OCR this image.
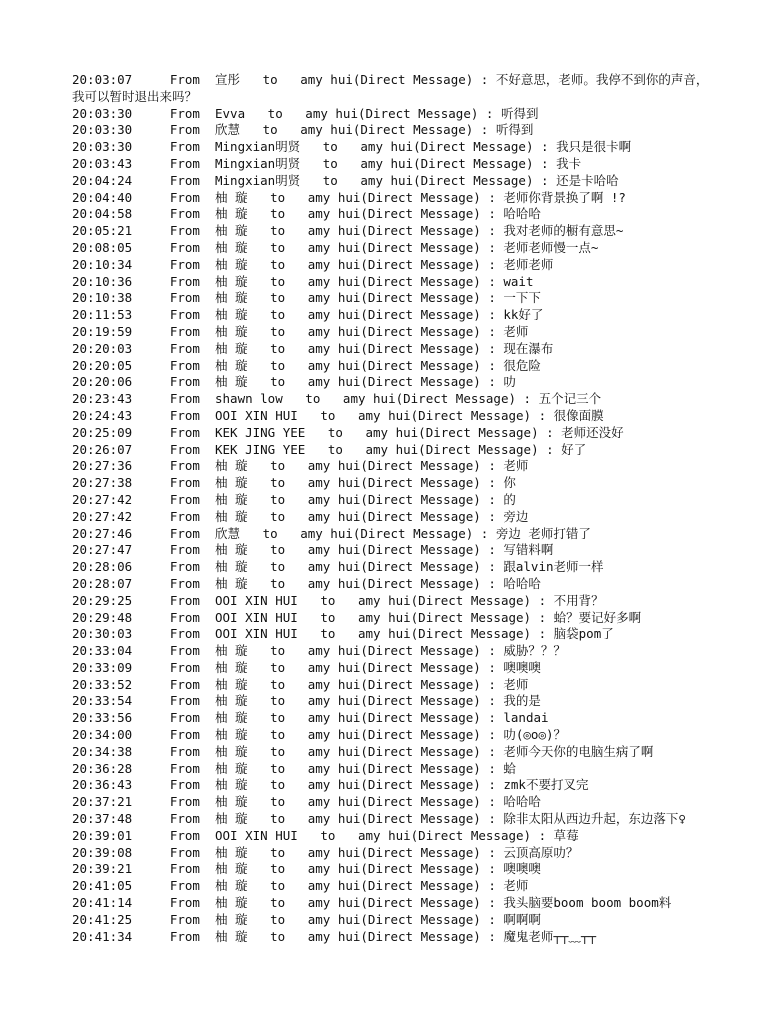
20:03:07     From  宣彤   to   amy hui(Direct Message) : 不好意思，老师。我停不到你的声音，
我可以暂时退出来吗？
20:03:30     From  Evva   to   amy hui(Direct Message) : 听得到
20:03:30     From  欣慧   to   amy hui(Direct Message) : 听得到
20:03:30     From  Mingxian明贤   to   amy hui(Direct Message) : 我只是很卡啊
20:03:43     From  Mingxian明贤   to   amy hui(Direct Message) : 我卡
20:04:24     From  Mingxian明贤   to   amy hui(Direct Message) : 还是卡哈哈
20:04:40     From  柚 璇   to   amy hui(Direct Message) : 老师你背景换了啊 !?
20:04:58     From  柚 璇   to   amy hui(Direct Message) : 哈哈哈
20:05:21     From  柚 璇   to   amy hui(Direct Message) : 我对老师的橱有意思~
20:08:05     From  柚 璇   to   amy hui(Direct Message) : 老师老师慢一点~
20:10:34     From  柚 璇   to   amy hui(Direct Message) : 老师老师
20:10:36     From  柚 璇   to   amy hui(Direct Message) : wait
20:10:38     From  柚 璇   to   amy hui(Direct Message) : 一下下
20:11:53     From  柚 璇   to   amy hui(Direct Message) : kk好了
20:19:59     From  柚 璇   to   amy hui(Direct Message) : 老师
20:20:03     From  柚 璇   to   amy hui(Direct Message) : 现在瀑布
20:20:05     From  柚 璇   to   amy hui(Direct Message) : 很危险
20:20:06     From  柚 璇   to   amy hui(Direct Message) : 叻
20:23:43     From  shawn low   to   amy hui(Direct Message) : 五个记三个
20:24:43     From  OOI XIN HUI   to   amy hui(Direct Message) : 很像面膜
20:25:09     From  KEK JING YEE   to   amy hui(Direct Message) : 老师还没好
20:26:07     From  KEK JING YEE   to   amy hui(Direct Message) : 好了
20:27:36     From  柚 璇   to   amy hui(Direct Message) : 老师
20:27:38     From  柚 璇   to   amy hui(Direct Message) : 你
20:27:42     From  柚 璇   to   amy hui(Direct Message) : 的
20:27:42     From  柚 璇   to   amy hui(Direct Message) : 旁边
20:27:46     From  欣慧   to   amy hui(Direct Message) : 旁边 老师打错了
20:27:47     From  柚 璇   to   amy hui(Direct Message) : 写错料啊
20:28:06     From  柚 璇   to   amy hui(Direct Message) : 跟alvin老师一样
20:28:07     From  柚 璇   to   amy hui(Direct Message) : 哈哈哈
20:29:25     From  OOI XIN HUI   to   amy hui(Direct Message) : 不用背？
20:29:48     From  OOI XIN HUI   to   amy hui(Direct Message) : 蛤？要记好多啊
20:30:03     From  OOI XIN HUI   to   amy hui(Direct Message) : 脑袋pom了
20:33:04     From  柚 璇   to   amy hui(Direct Message) : 威胁？？？
20:33:09     From  柚 璇   to   amy hui(Direct Message) : 噢噢噢
20:33:52     From  柚 璇   to   amy hui(Direct Message) : 老师
20:33:54     From  柚 璇   to   amy hui(Direct Message) : 我的是
20:33:56     From  柚 璇   to   amy hui(Direct Message) : landai
20:34:00     From  柚 璇   to   amy hui(Direct Message) : 叻(◎o◎)？
20:34:38     From  柚 璇   to   amy hui(Direct Message) : 老师今天你的电脑生病了啊
20:36:28     From  柚 璇   to   amy hui(Direct Message) : 蛤
20:36:43     From  柚 璇   to   amy hui(Direct Message) : zmk不要打叉完
20:37:21     From  柚 璇   to   amy hui(Direct Message) : 哈哈哈
20:37:48     From  柚 璇   to   amy hui(Direct Message) : 除非太阳从西边升起，东边落下♀
20:39:01     From  OOI XIN HUI   to   amy hui(Direct Message) : 草莓
20:39:08     From  柚 璇   to   amy hui(Direct Message) : 云顶高原叻？
20:39:21     From  柚 璇   to   amy hui(Direct Message) : 噢噢噢
20:41:05     From  柚 璇   to   amy hui(Direct Message) : 老师
20:41:14     From  柚 璇   to   amy hui(Direct Message) : 我头脑要boom boom boom料
20:41:25     From  柚 璇   to   amy hui(Direct Message) : 啊啊啊
20:41:34     From  柚 璇   to   amy hui(Direct Message) : 魔鬼老师┬┬﹏┬┬
